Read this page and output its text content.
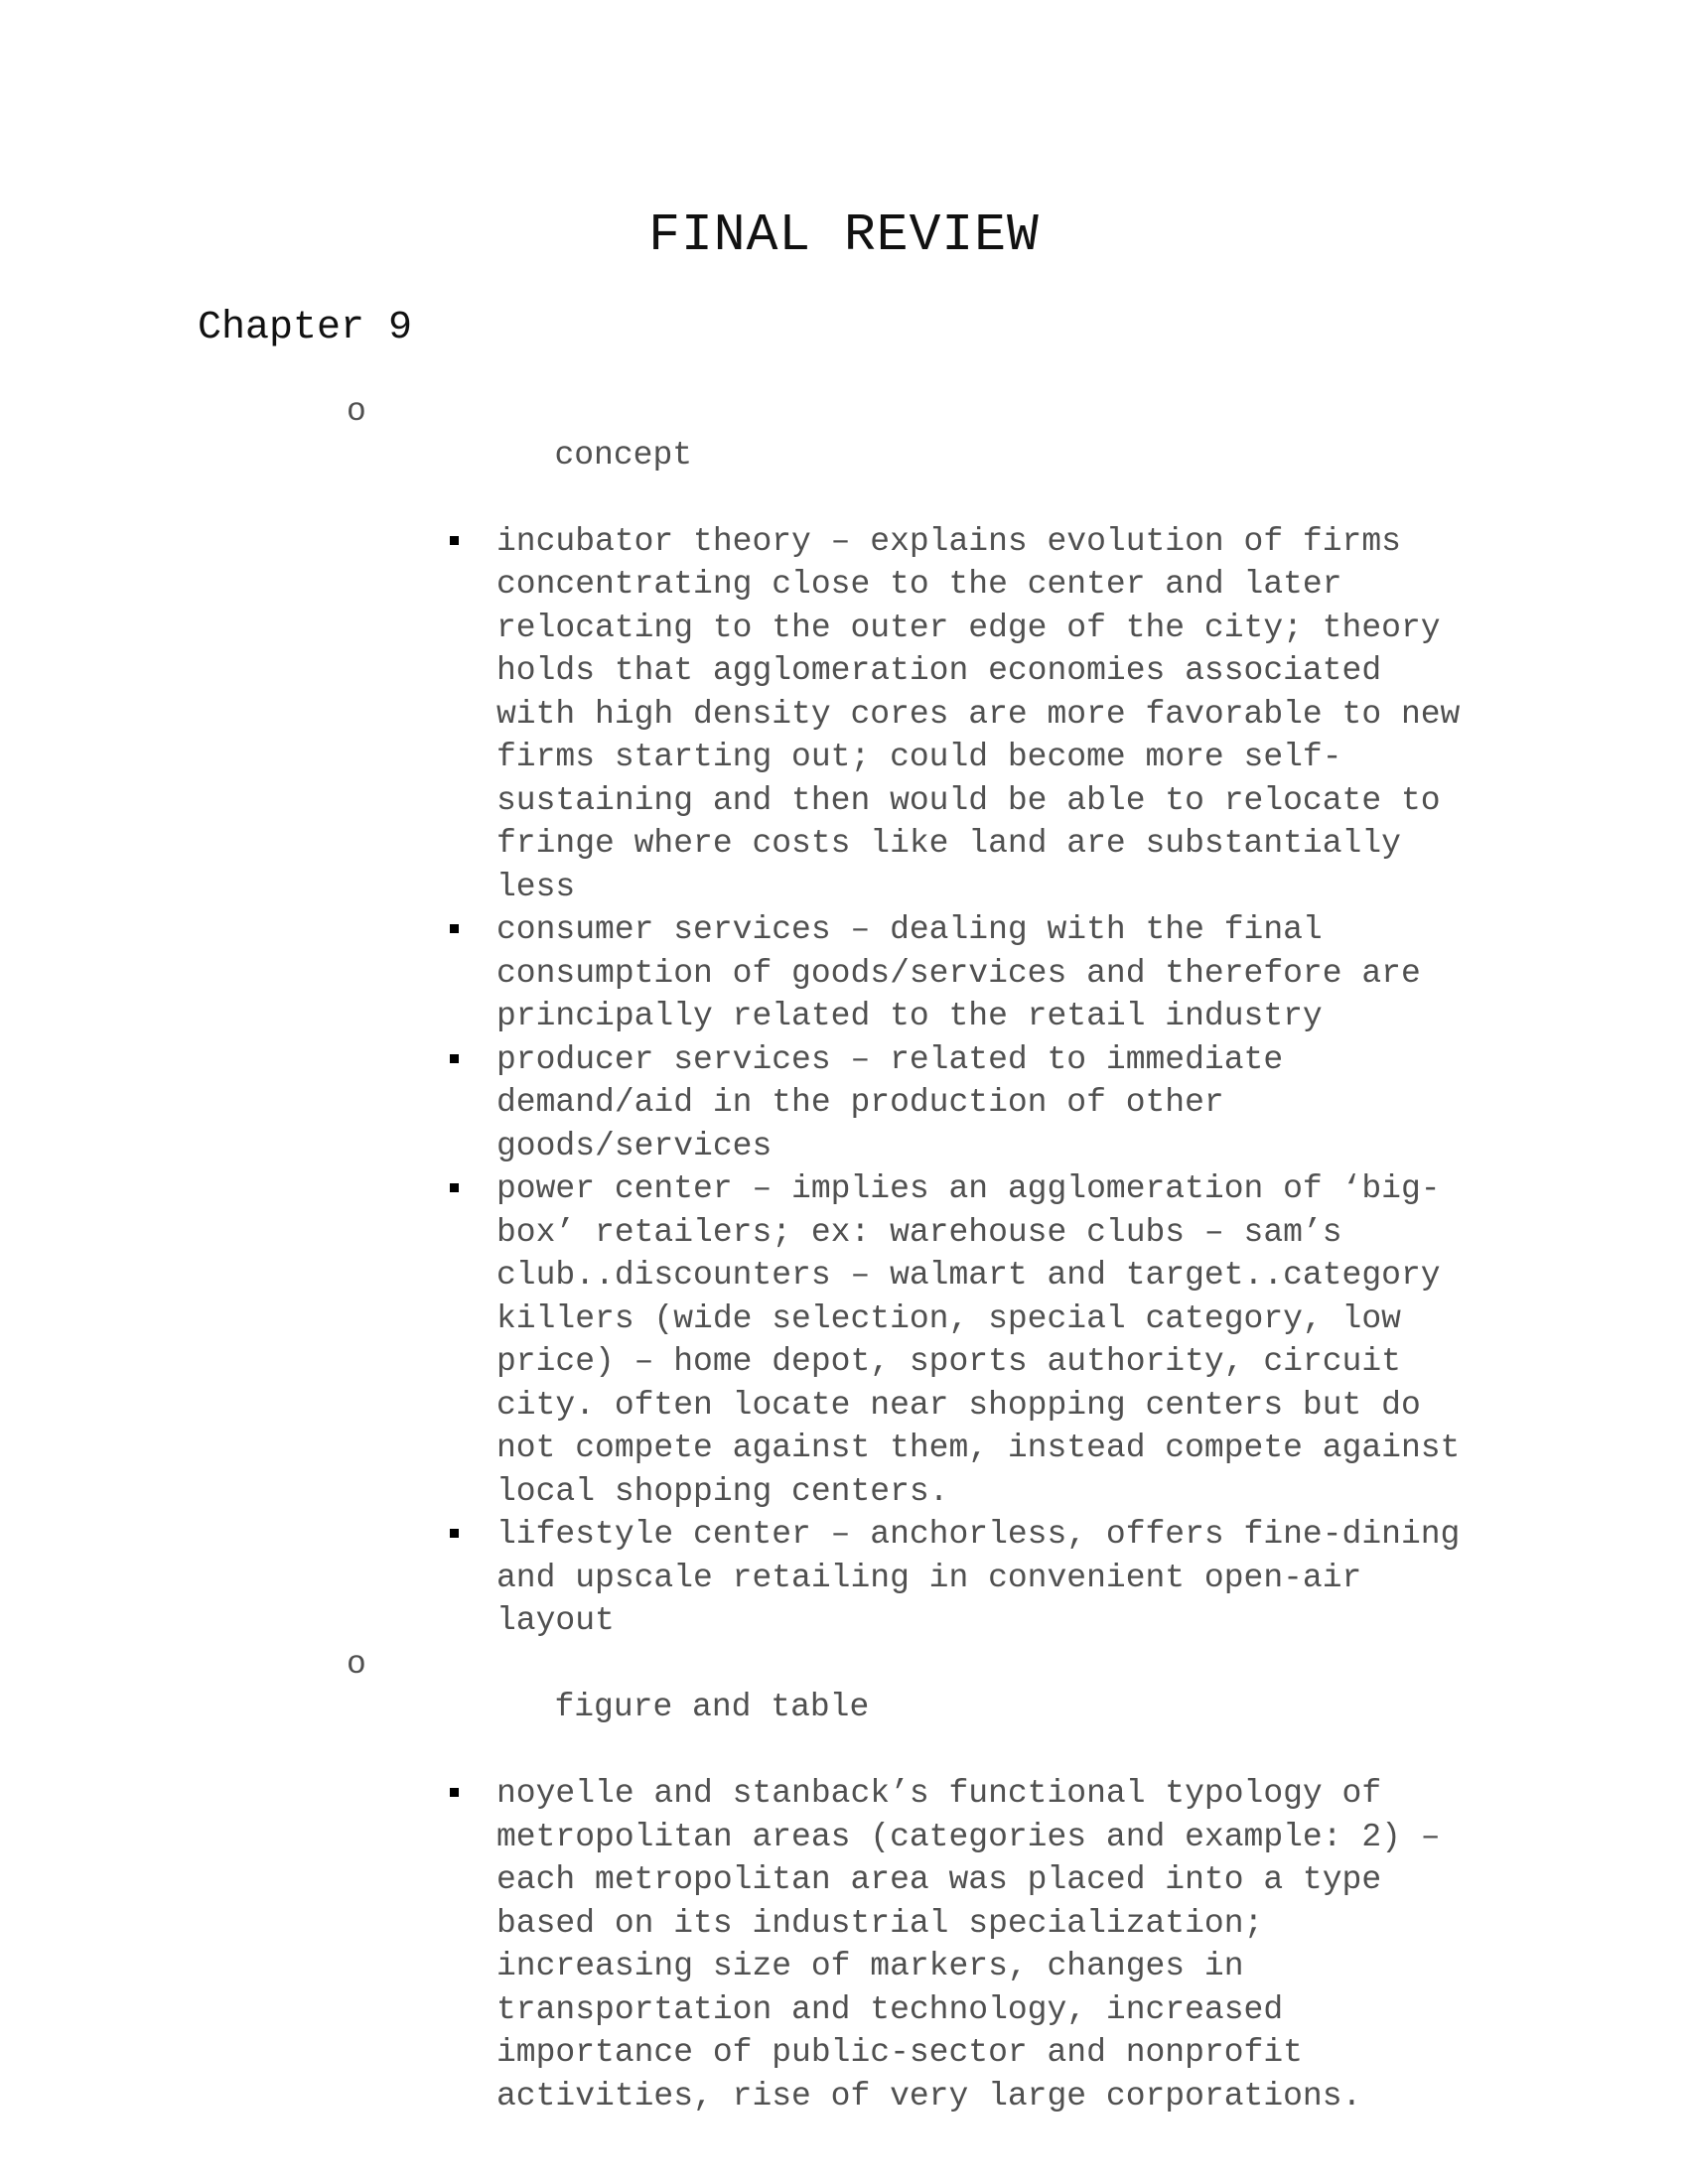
FINAL REVIEW
Chapter 9

o
concept

incubator theory – explains evolution of firms
concentrating close to the center and later
relocating to the outer edge of the city; theory
holds that agglomeration economies associated
with high density cores are more favorable to new
firms starting out; could become more self-
sustaining and then would be able to relocate to
fringe where costs like land are substantially
less
consumer services – dealing with the final
consumption of goods/services and therefore are
principally related to the retail industry
producer services – related to immediate
demand/aid in the production of other
goods/services
power center – implies an agglomeration of ‘big-
box’ retailers; ex: warehouse clubs – sam’s
club..discounters – walmart and target..category
killers (wide selection, special category, low
price) – home depot, sports authority, circuit
city. often locate near shopping centers but do
not compete against them, instead compete against
local shopping centers.
lifestyle center – anchorless, offers fine-dining
and upscale retailing in convenient open-air
layout

o
figure and table

noyelle and stanback’s functional typology of
metropolitan areas (categories and example: 2) –
each metropolitan area was placed into a type
based on its industrial specialization;
increasing size of markers, changes in
transportation and technology, increased
importance of public-sector and nonprofit
activities, rise of very large corporations.
